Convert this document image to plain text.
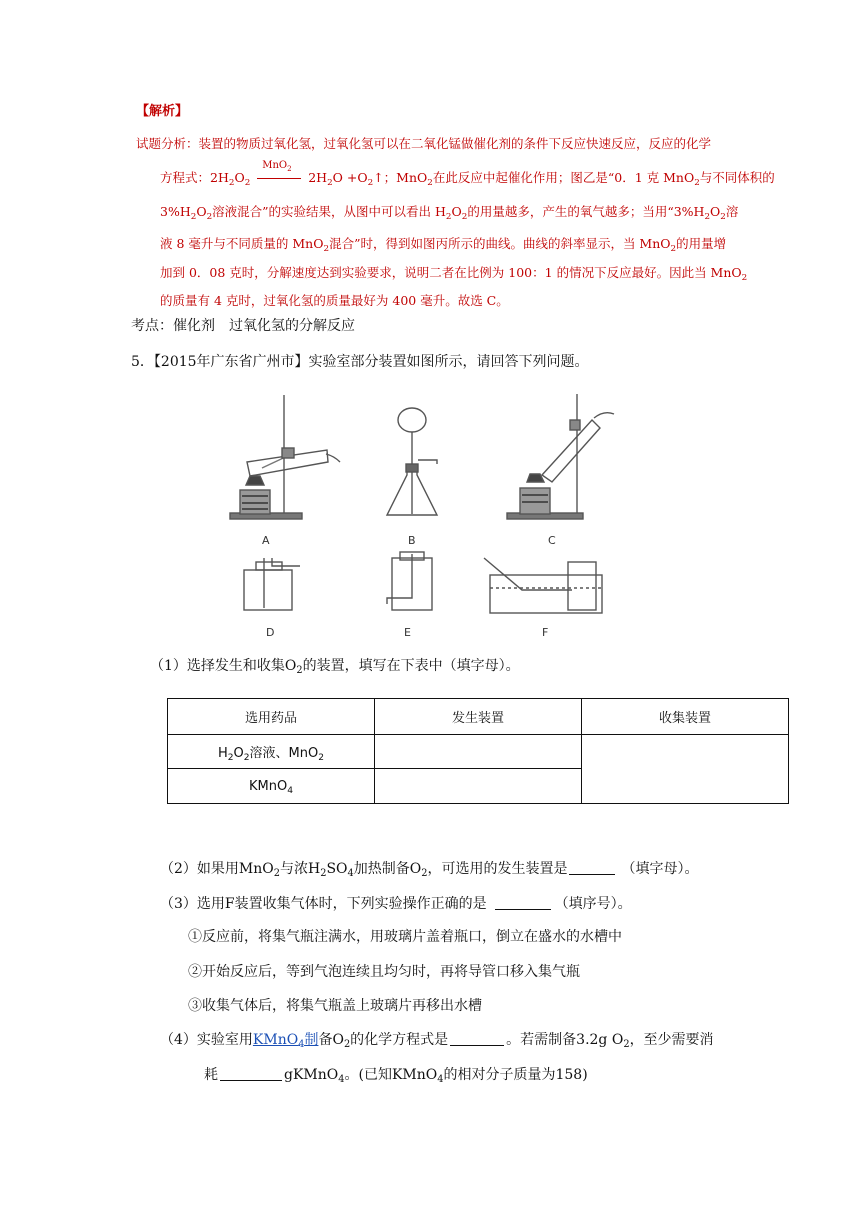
【解析】
试题分析：装置的物质过氧化氢，过氧化氢可以在二氧化锰做催化剂的条件下反应快速反应，反应的化学
方程式：$2H_2O_2$
MnO$_2$
$2H_2O$ $+O_2↑$；MnO$_2$在此反应中起催化作用；图乙是“0．1 克 MnO$_2$与不同体积的
$3\%H_2O_2$溶液混合”的实验结果，从图中可以看出 $H_2O_2$的用量越多，产生的氧气越多；当用“$3\%H_2O_2$溶
液 8 毫升与不同质量的 MnO$_2$混合”时，得到如图丙所示的曲线。曲线的斜率显示，当 MnO$_2$的用量增
加到 0．08 克时，分解速度达到实验要求，说明二者在比例为 100：1 的情况下反应最好。因此当 MnO$_2$
的质量有 4 克时，过氧化氢的质量最好为 400 毫升。故选 C。
考点：催化剂　过氧化氢的分解反应
5．【2015年广东省广州市】实验室部分装置如图所示，请回答下列问题。
A	B	C
D	E	F
（1）选择发生和收集$O_2$的装置，填写在下表中（填字母）。
选用药品	发生装置	收集装置
$H_2O_2$溶液、MnO$_2$		
KMnO$_4$	
（2）如果用MnO$_2$与浓$H_2SO_4$加热制备$O_2$，可选用的发生装置是	（填字母）。
（3）选用F装置收集气体时，下列实验操作正确的是	（填序号）。
①反应前，将集气瓶注满水，用玻璃片盖着瓶口，倒立在盛水的水槽中
②开始反应后，等到气泡连续且均匀时，再将导管口移入集气瓶
③收集气体后，将集气瓶盖上玻璃片再移出水槽
（4）实验室用KMnO$_4$制备$O_2$的化学方程式是	。若需制备3.2g $O_2$，至少需要消
耗	gKMnO$_4$。(已知KMnO$_4$的相对分子质量为158)
